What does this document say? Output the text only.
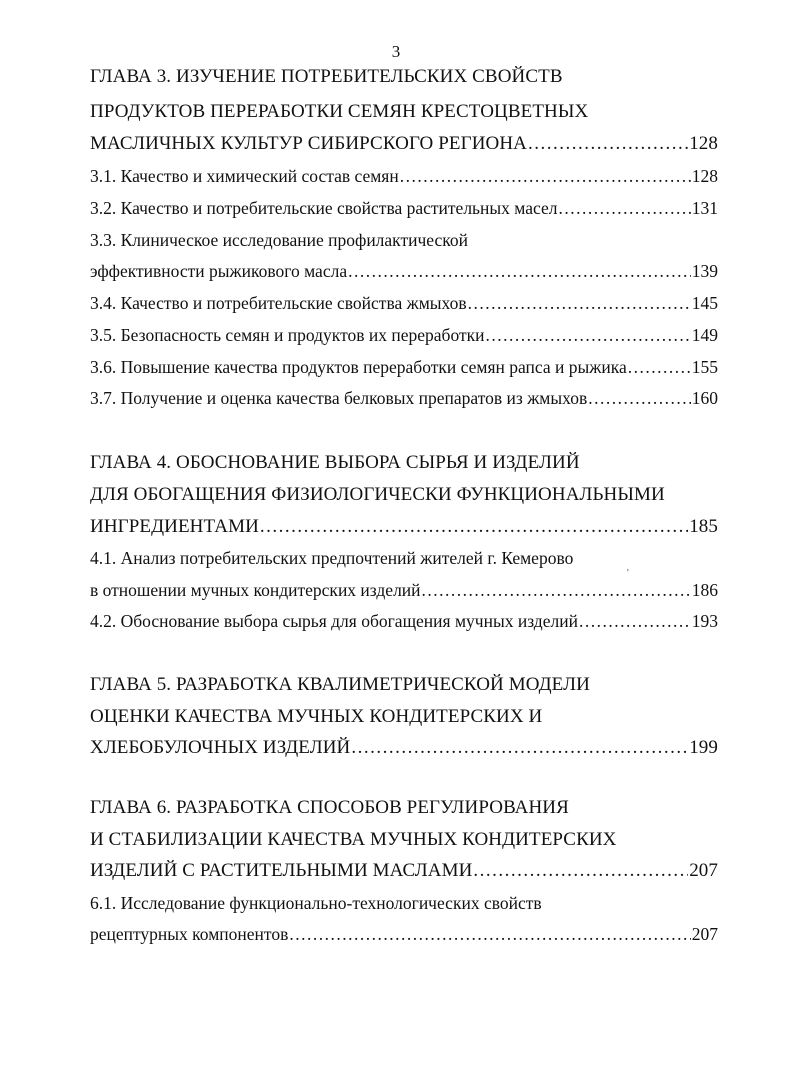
3
ГЛАВА 3. ИЗУЧЕНИЕ ПОТРЕБИТЕЛЬСКИХ СВОЙСТВ
ПРОДУКТОВ ПЕРЕРАБОТКИ СЕМЯН КРЕСТОЦВЕТНЫХ
МАСЛИЧНЫХ КУЛЬТУР СИБИРСКОГО РЕГИОНА .....	128
3.1. Качество и химический состав семян .....	128
3.2. Качество и потребительские свойства растительных масел .....	131
3.3. Клиническое исследование профилактической
эффективности рыжикового масла .....	139
3.4. Качество и потребительские свойства жмыхов .....	145
3.5. Безопасность семян и продуктов их переработки .....	149
3.6. Повышение качества продуктов переработки семян рапса и рыжика .....	155
3.7. Получение и оценка качества белковых препаратов из жмыхов .....	160
ГЛАВА 4. ОБОСНОВАНИЕ ВЫБОРА СЫРЬЯ И ИЗДЕЛИЙ
ДЛЯ ОБОГАЩЕНИЯ ФИЗИОЛОГИЧЕСКИ ФУНКЦИОНАЛЬНЫМИ
ИНГРЕДИЕНТАМИ .....	185
4.1. Анализ потребительских предпочтений жителей г. Кемерово
'
в отношении мучных кондитерских изделий .....	186
4.2. Обоснование выбора сырья для обогащения мучных изделий .....	193
ГЛАВА 5. РАЗРАБОТКА КВАЛИМЕТРИЧЕСКОЙ МОДЕЛИ
ОЦЕНКИ КАЧЕСТВА МУЧНЫХ КОНДИТЕРСКИХ И
ХЛЕБОБУЛОЧНЫХ ИЗДЕЛИЙ .....	199
ГЛАВА 6. РАЗРАБОТКА СПОСОБОВ РЕГУЛИРОВАНИЯ
И СТАБИЛИЗАЦИИ КАЧЕСТВА МУЧНЫХ КОНДИТЕРСКИХ
ИЗДЕЛИЙ С РАСТИТЕЛЬНЫМИ МАСЛАМИ .....	207
6.1. Исследование функционально-технологических свойств
рецептурных компонентов .....	207
